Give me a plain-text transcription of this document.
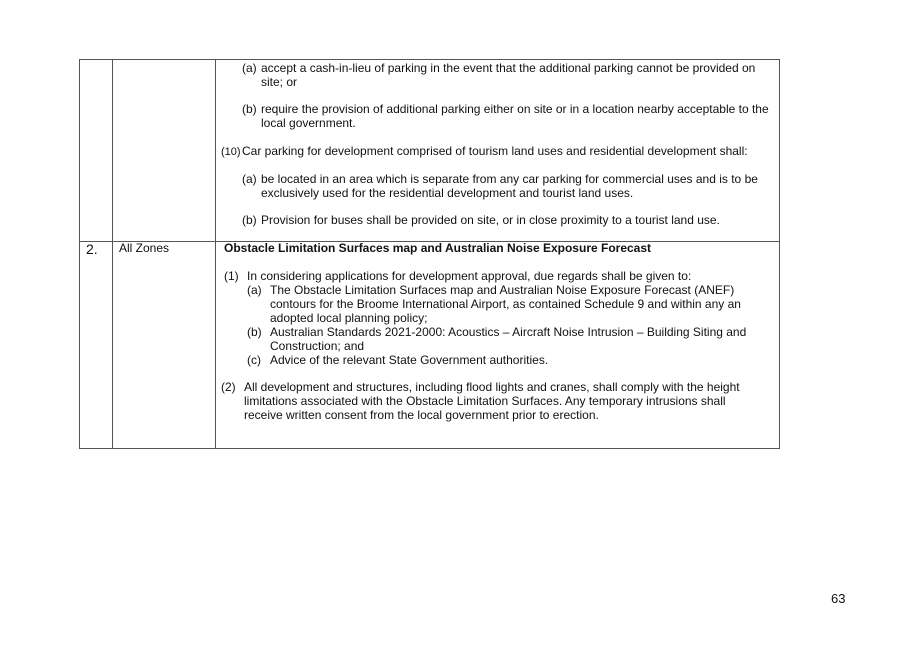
(a) accept a cash-in-lieu of parking in the event that the additional parking cannot be provided on
site; or
(b) require the provision of additional parking either on site or in a location nearby acceptable to the
local government.
(10) Car parking for development comprised of tourism land uses and residential development shall:
(a) be located in an area which is separate from any car parking for commercial uses and is to be
exclusively used for the residential development and tourist land uses.
(b) Provision for buses shall be provided on site, or in close proximity to a tourist land use.
2. All Zones	Obstacle Limitation Surfaces map and Australian Noise Exposure Forecast
(1) In considering applications for development approval, due regards shall be given to:
(a) The Obstacle Limitation Surfaces map and Australian Noise Exposure Forecast (ANEF)
contours for the Broome International Airport, as contained Schedule 9 and within any an
adopted local planning policy;
(b) Australian Standards 2021-2000: Acoustics – Aircraft Noise Intrusion – Building Siting and
Construction; and
(c) Advice of the relevant State Government authorities.
(2) All development and structures, including flood lights and cranes, shall comply with the height
limitations associated with the Obstacle Limitation Surfaces. Any temporary intrusions shall
receive written consent from the local government prior to erection.
63
